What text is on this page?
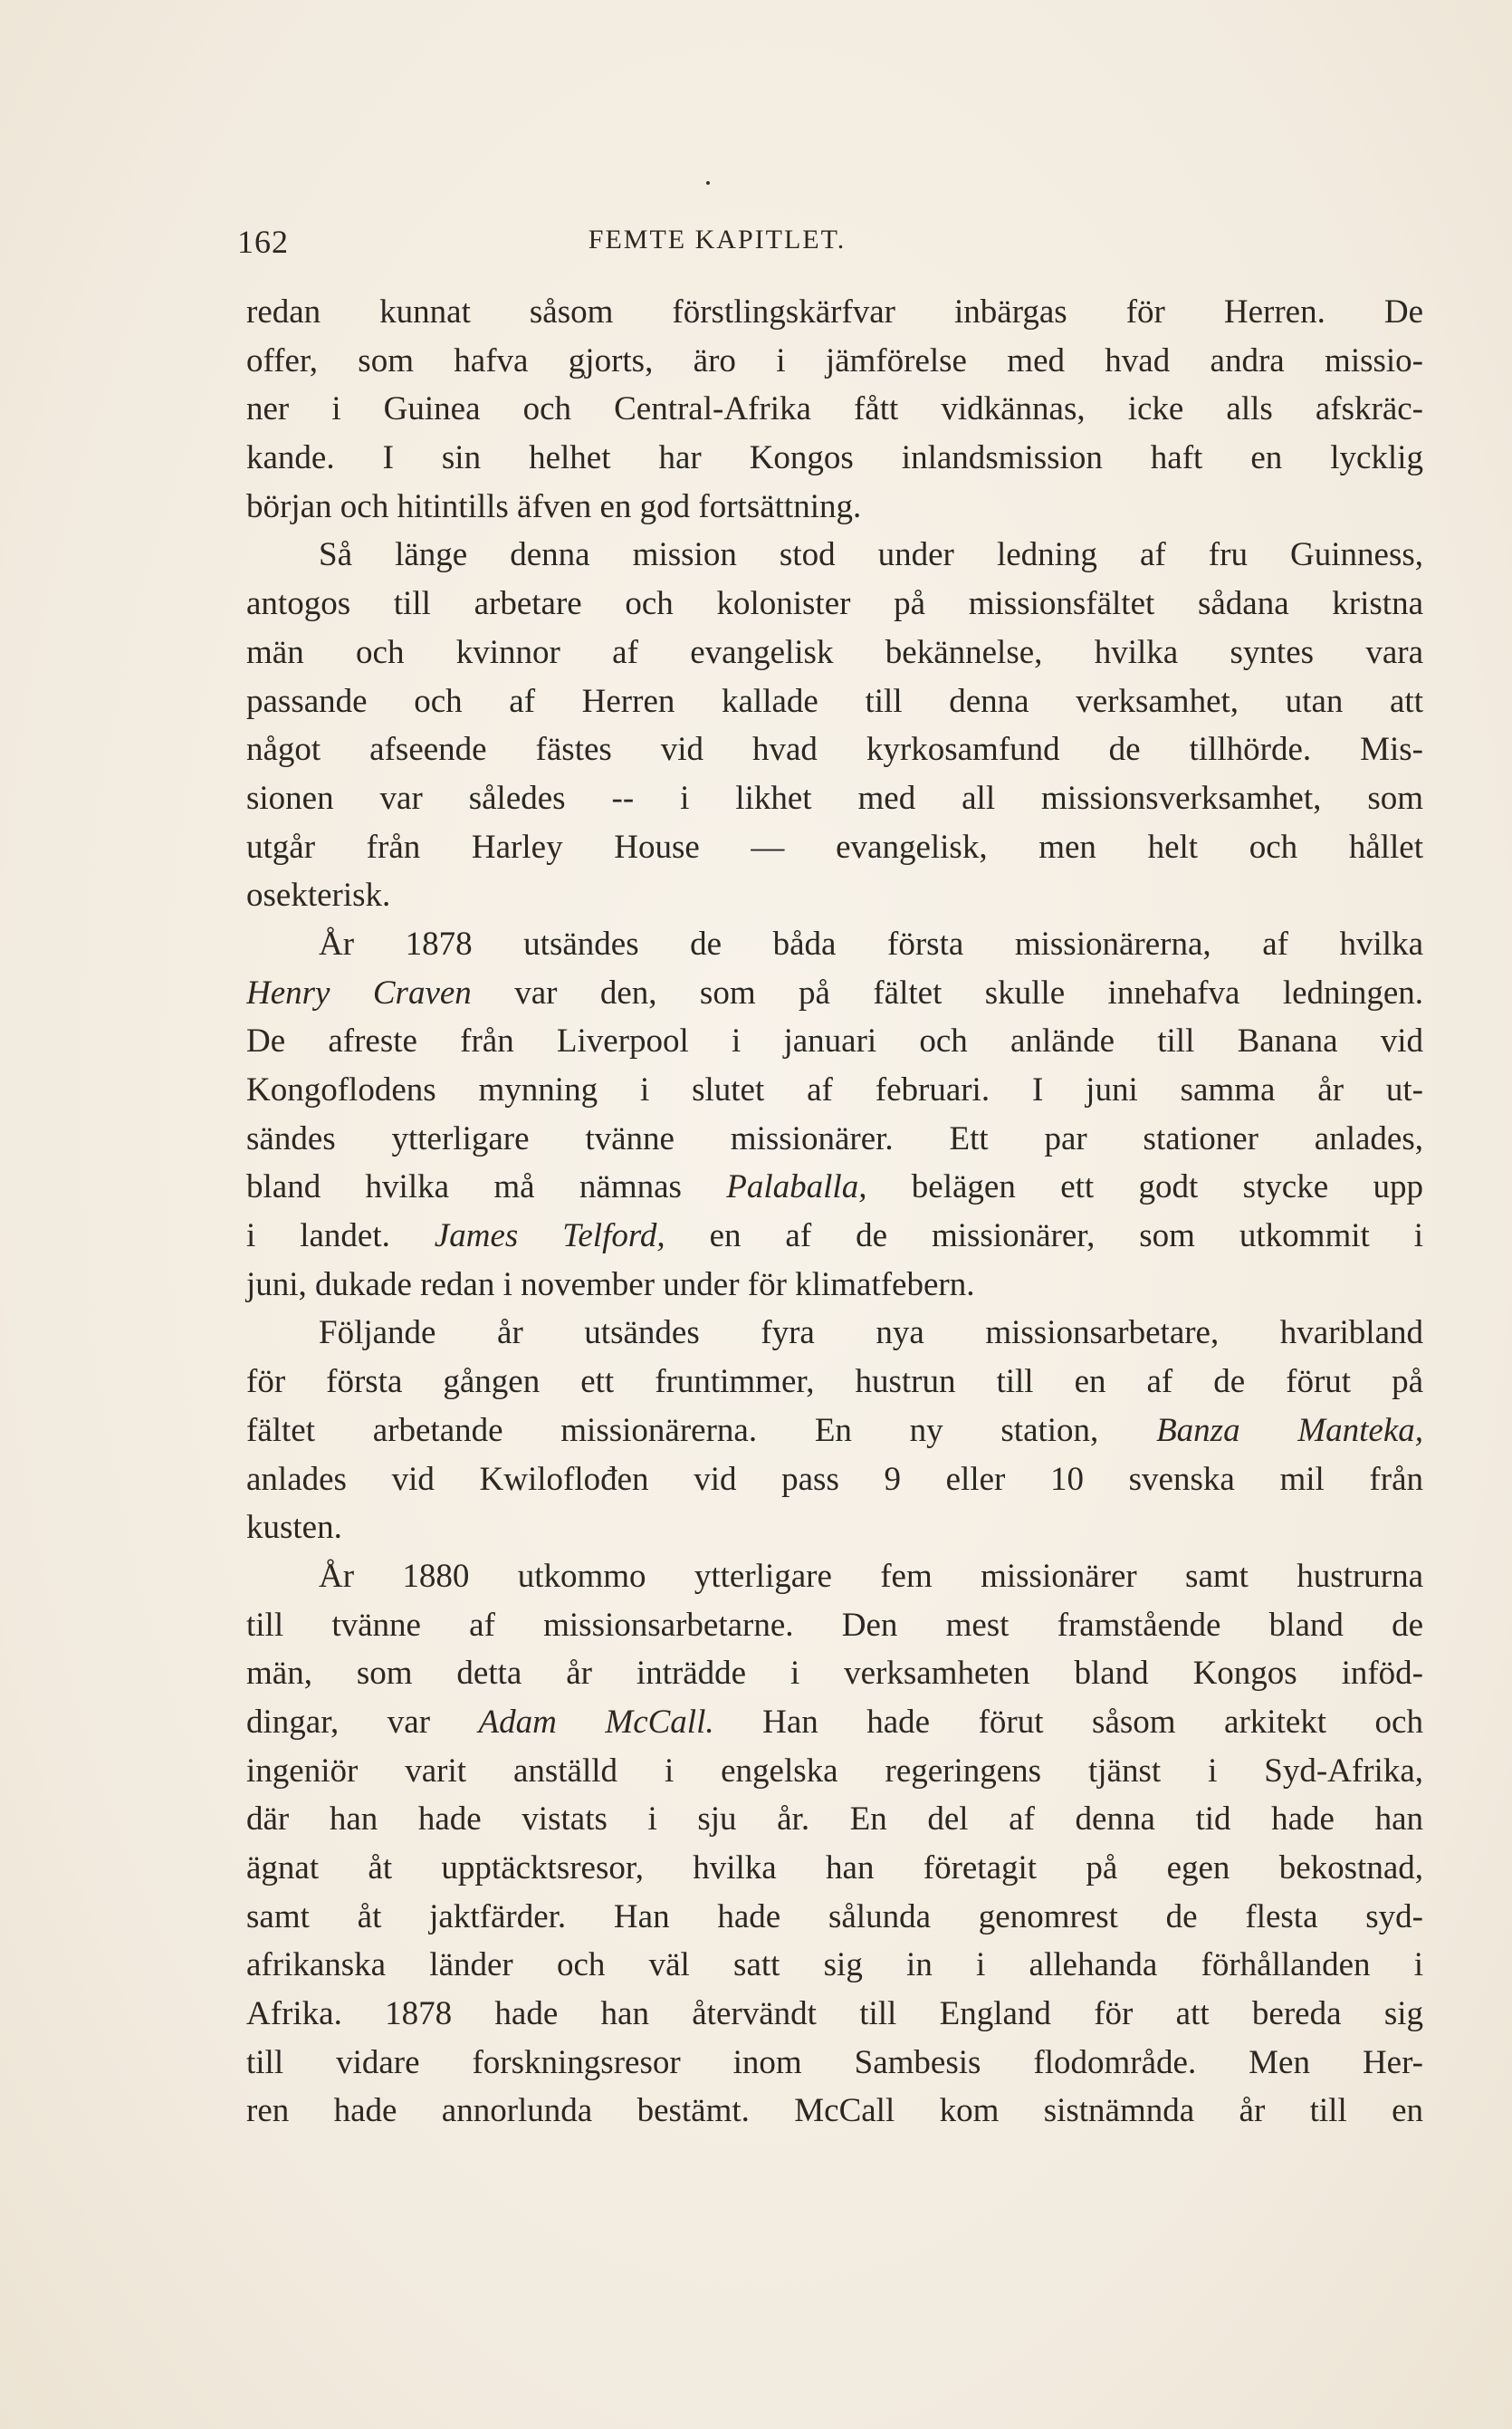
162	FEMTE KAPITLET.
redan kunnat såsom förstlingskärfvar inbärgas för Herren. De
offer, som hafva gjorts, äro i jämförelse med hvad andra missio-
ner i Guinea och Central-Afrika fått vidkännas, icke alls afskräc-
kande. I sin helhet har Kongos inlandsmission haft en lycklig
början och hitintills äfven en god fortsättning.
Så länge denna mission stod under ledning af fru Guinness,
antogos till arbetare och kolonister på missionsfältet sådana kristna
män och kvinnor af evangelisk bekännelse, hvilka syntes vara
passande och af Herren kallade till denna verksamhet, utan att
något afseende fästes vid hvad kyrkosamfund de tillhörde. Mis-
sionen var således -- i likhet med all missionsverksamhet, som
utgår från Harley House — evangelisk, men helt och hållet
osekterisk.
År 1878 utsändes de båda första missionärerna, af hvilka
Henry Craven var den, som på fältet skulle innehafva ledningen.
De afreste från Liverpool i januari och anlände till Banana vid
Kongoflodens mynning i slutet af februari. I juni samma år ut-
sändes ytterligare tvänne missionärer. Ett par stationer anlades,
bland hvilka må nämnas Palaballa, belägen ett godt stycke upp
i landet. James Telford, en af de missionärer, som utkommit i
juni, dukade redan i november under för klimatfebern.
Följande år utsändes fyra nya missionsarbetare, hvaribland
för första gången ett fruntimmer, hustrun till en af de förut på
fältet arbetande missionärerna. En ny station, Banza Manteka,
anlades vid Kwiloflođen vid pass 9 eller 10 svenska mil från
kusten.
År 1880 utkommo ytterligare fem missionärer samt hustrurna
till tvänne af missionsarbetarne. Den mest framstående bland de
män, som detta år inträdde i verksamheten bland Kongos inföd-
dingar, var Adam McCall. Han hade förut såsom arkitekt och
ingeniör varit anställd i engelska regeringens tjänst i Syd-Afrika,
där han hade vistats i sju år. En del af denna tid hade han
ägnat åt upptäcktsresor, hvilka han företagit på egen bekostnad,
samt åt jaktfärder. Han hade sålunda genomrest de flesta syd-
afrikanska länder och väl satt sig in i allehanda förhållanden i
Afrika. 1878 hade han återvändt till England för att bereda sig
till vidare forskningsresor inom Sambesis flodområde. Men Her-
ren hade annorlunda bestämt. McCall kom sistnämnda år till en
